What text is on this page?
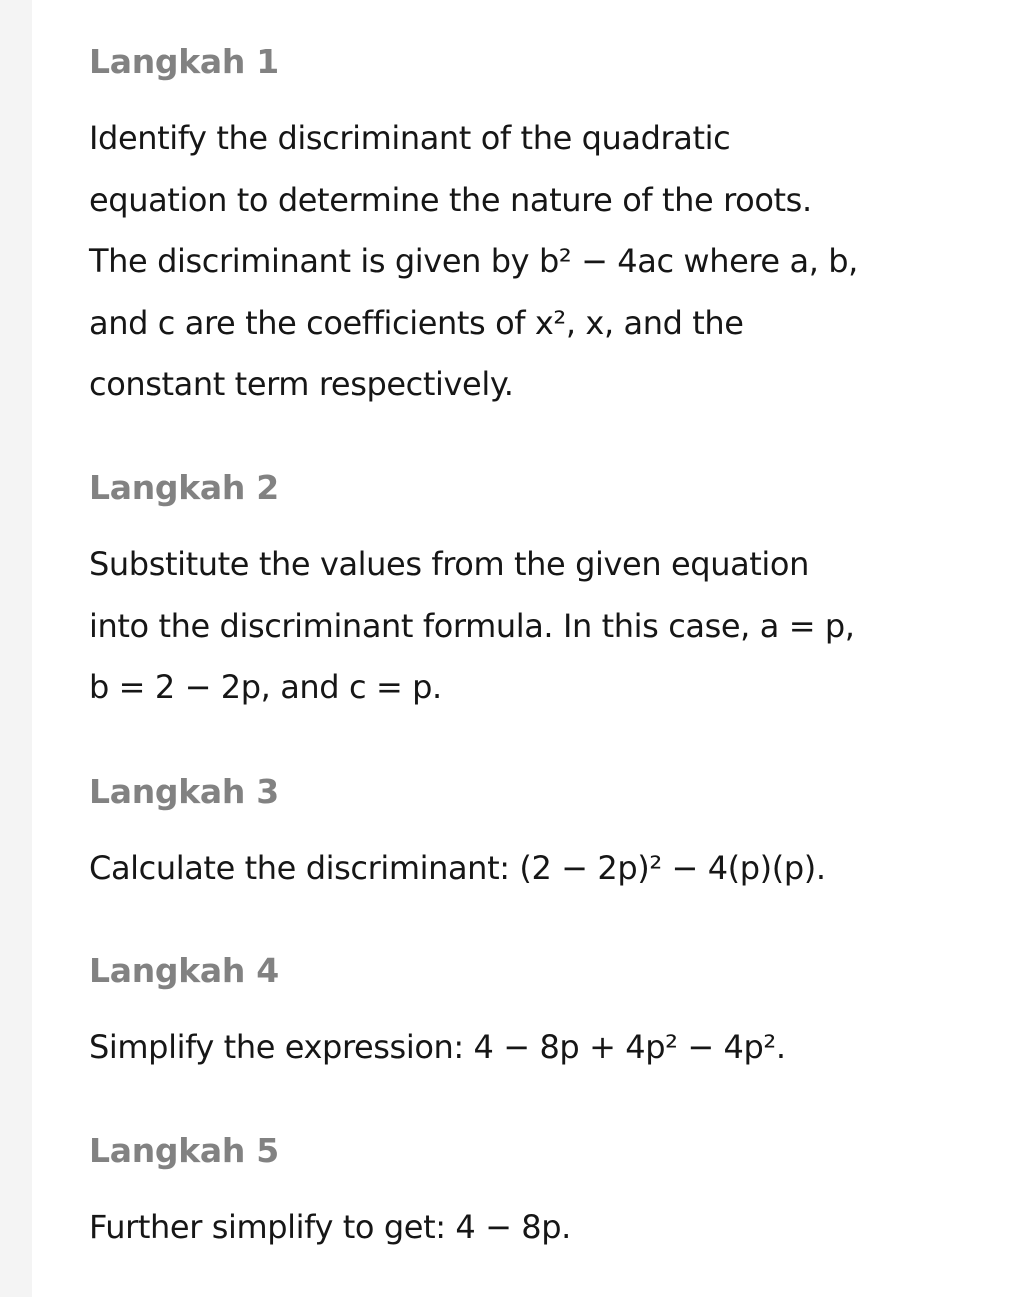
Langkah 1
Identify the discriminant of the quadratic
equation to determine the nature of the roots.
The discriminant is given by b² − 4ac where a, b,
and c are the coefficients of x², x, and the
constant term respectively.
Langkah 2
Substitute the values from the given equation
into the discriminant formula. In this case, a = p,
b = 2 − 2p, and c = p.
Langkah 3
Calculate the discriminant: (2 − 2p)² − 4(p)(p).
Langkah 4
Simplify the expression: 4 − 8p + 4p² − 4p².
Langkah 5
Further simplify to get: 4 − 8p.
